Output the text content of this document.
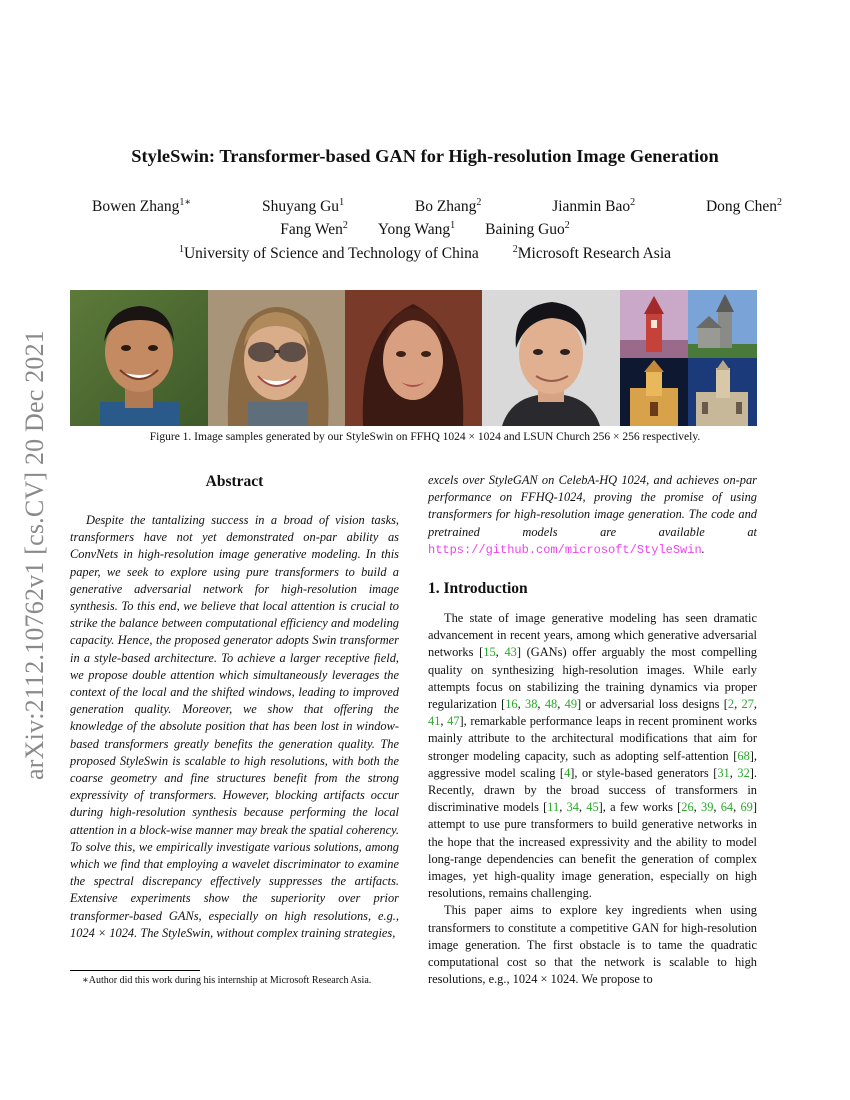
arXiv:2112.10762v1 [cs.CV] 20 Dec 2021
StyleSwin: Transformer-based GAN for High-resolution Image Generation
Bowen Zhang$^{1∗}$	Shuyang Gu$^1$	Bo Zhang$^2$	Jianmin Bao$^2$	Dong Chen$^2$
Fang Wen$^2$ Yong Wang$^1$ Baining Guo$^2$
$^1$University of Science and Technology of China	$^2$Microsoft Research Asia
Figure 1. Image samples generated by our StyleSwin on FFHQ 1024 × 1024 and LSUN Church 256 × 256 respectively.
Abstract

Despite the tantalizing success in a broad of vision tasks, transformers have not yet demonstrated on-par ability as ConvNets in high-resolution image generative modeling. In this paper, we seek to explore using pure transformers to build a generative adversarial network for high-resolution image synthesis. To this end, we believe that local attention is crucial to strike the balance between computational efficiency and modeling capacity. Hence, the proposed generator adopts Swin transformer in a style-based architecture. To achieve a larger receptive field, we propose double attention which simultaneously leverages the context of the local and the shifted windows, leading to improved generation quality. Moreover, we show that offering the knowledge of the absolute position that has been lost in window-based transformers greatly benefits the generation quality. The proposed StyleSwin is scalable to high resolutions, with both the coarse geometry and fine structures benefit from the strong expressivity of transformers. However, blocking artifacts occur during high-resolution synthesis because performing the local attention in a block-wise manner may break the spatial coherency. To solve this, we empirically investigate various solutions, among which we find that employing a wavelet discriminator to examine the spectral discrepancy effectively suppresses the artifacts. Extensive experiments show the superiority over prior transformer-based GANs, especially on high resolutions, e.g., 1024 × 1024. The StyleSwin, without complex training strategies,

∗Author did this work during his internship at Microsoft Research Asia.

excels over StyleGAN on CelebA-HQ 1024, and achieves on-par performance on FFHQ-1024, proving the promise of using transformers for high-resolution image generation. The code and pretrained models are available at https://github.com/microsoft/StyleSwin.

1. Introduction

The state of image generative modeling has seen dramatic advancement in recent years, among which generative adversarial networks [15, 43] (GANs) offer arguably the most compelling quality on synthesizing high-resolution images. While early attempts focus on stabilizing the training dynamics via proper regularization [16, 38, 48, 49] or adversarial loss designs [2, 27, 41, 47], remarkable performance leaps in recent prominent works mainly attribute to the architectural modifications that aim for stronger modeling capacity, such as adopting self-attention [68], aggressive model scaling [4], or style-based generators [31, 32]. Recently, drawn by the broad success of transformers in discriminative models [11, 34, 45], a few works [26, 39, 64, 69] attempt to use pure transformers to build generative networks in the hope that the increased expressivity and the ability to model long-range dependencies can benefit the generation of complex images, yet high-quality image generation, especially on high resolutions, remains challenging.

This paper aims to explore key ingredients when using transformers to constitute a competitive GAN for high-resolution image generation. The first obstacle is to tame the quadratic computational cost so that the network is scalable to high resolutions, e.g., 1024 × 1024. We propose to
